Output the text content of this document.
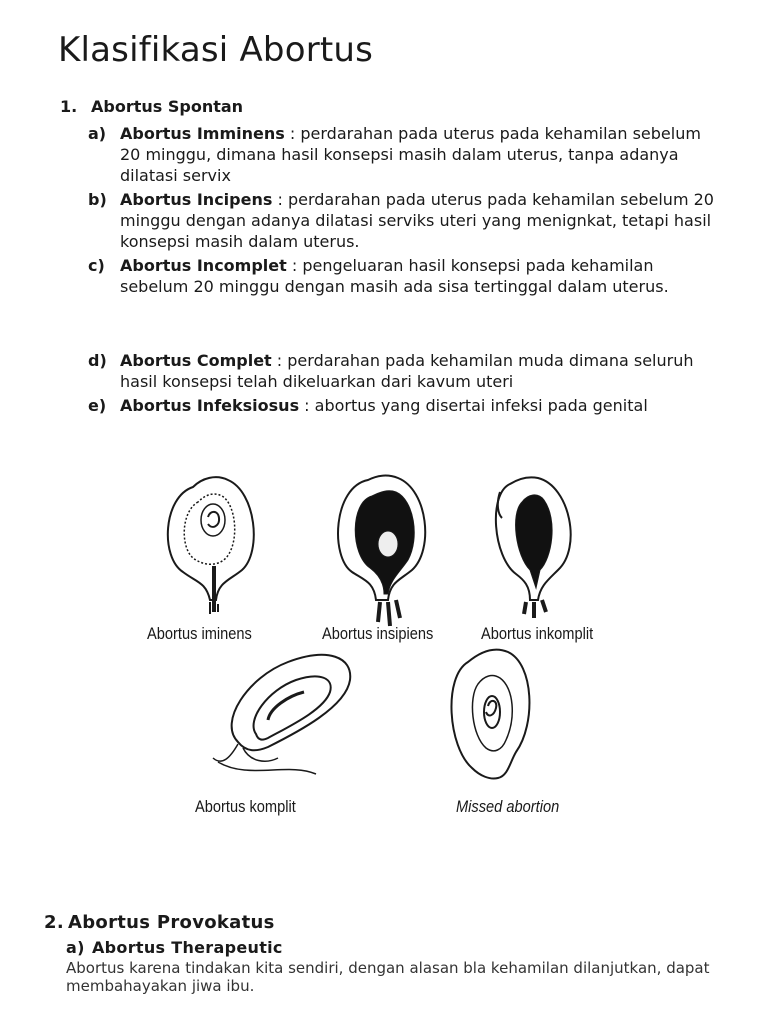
Klasifikasi Abortus
1. Abortus Spontan
a) Abortus Imminens : perdarahan pada uterus pada kehamilan sebelum 20 minggu, dimana hasil konsepsi masih dalam uterus, tanpa adanya dilatasi servix
b) Abortus Incipens : perdarahan pada uterus pada kehamilan sebelum 20 minggu dengan adanya dilatasi serviks uteri yang menignkat, tetapi hasil konsepsi masih dalam uterus.
c) Abortus Incomplet : pengeluaran hasil konsepsi pada kehamilan sebelum 20 minggu dengan masih ada sisa tertinggal dalam uterus.
d) Abortus Complet : perdarahan pada kehamilan muda dimana seluruh hasil konsepsi telah dikeluarkan dari kavum uteri
e) Abortus Infeksiosus : abortus yang disertai infeksi pada genital
Abortus iminens	Abortus insipiens	Abortus inkomplit
Abortus komplit	Missed abortion
2. Abortus Provokatus
a) Abortus Therapeutic
Abortus karena tindakan kita sendiri, dengan alasan bla kehamilan dilanjutkan, dapat membahayakan jiwa ibu.
